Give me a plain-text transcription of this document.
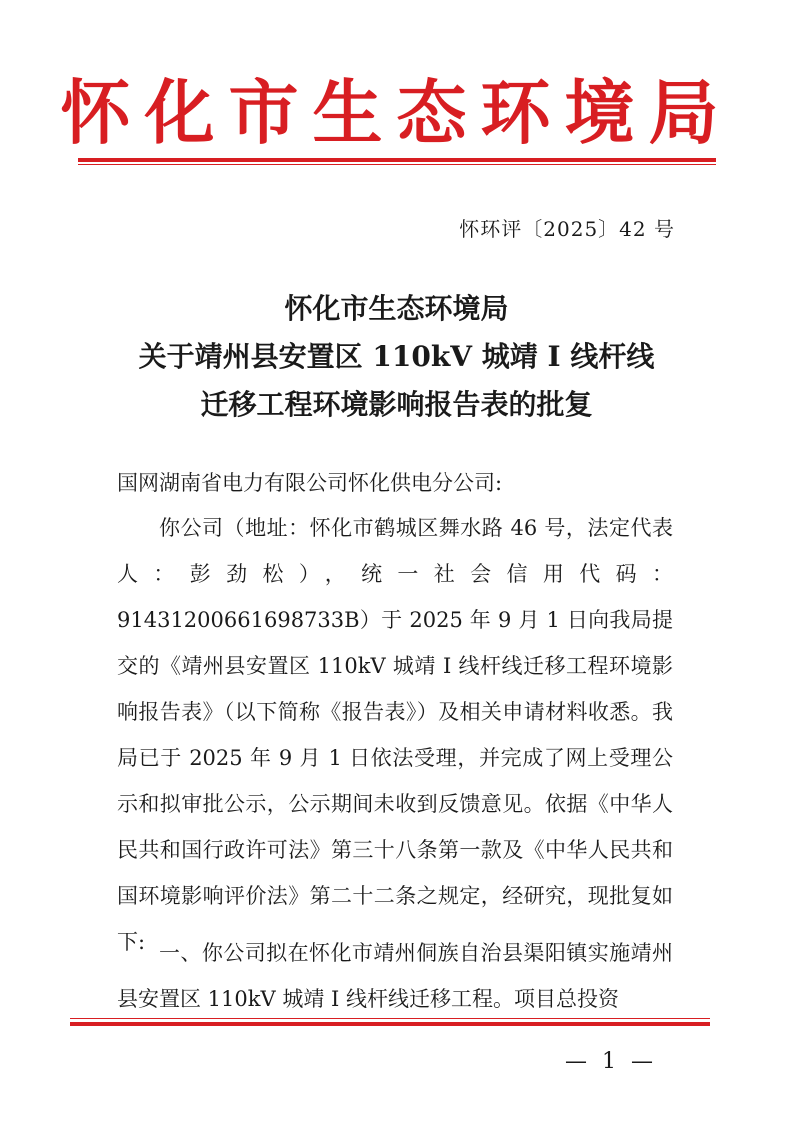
怀化市生态环境局
怀环评〔2025〕42 号
怀化市生态环境局
关于靖州县安置区 110kV 城靖 I 线杆线
迁移工程环境影响报告表的批复
国网湖南省电力有限公司怀化供电分公司:
你公司（地址：怀化市鹤城区舞水路 46 号，法定代表人：彭劲松），统一社会信用代码：91431200661698733B）于 2025 年 9 月 1 日向我局提交的《靖州县安置区 110kV 城靖 I 线杆线迁移工程环境影响报告表》（以下简称《报告表》）及相关申请材料收悉。我局已于 2025 年 9 月 1 日依法受理，并完成了网上受理公示和拟审批公示，公示期间未收到反馈意见。依据《中华人民共和国行政许可法》第三十八条第一款及《中华人民共和国环境影响评价法》第二十二条之规定，经研究，现批复如下: 一、你公司拟在怀化市靖州侗族自治县渠阳镇实施靖州县安置区 110kV 城靖 I 线杆线迁移工程。项目总投资
— 1 —
